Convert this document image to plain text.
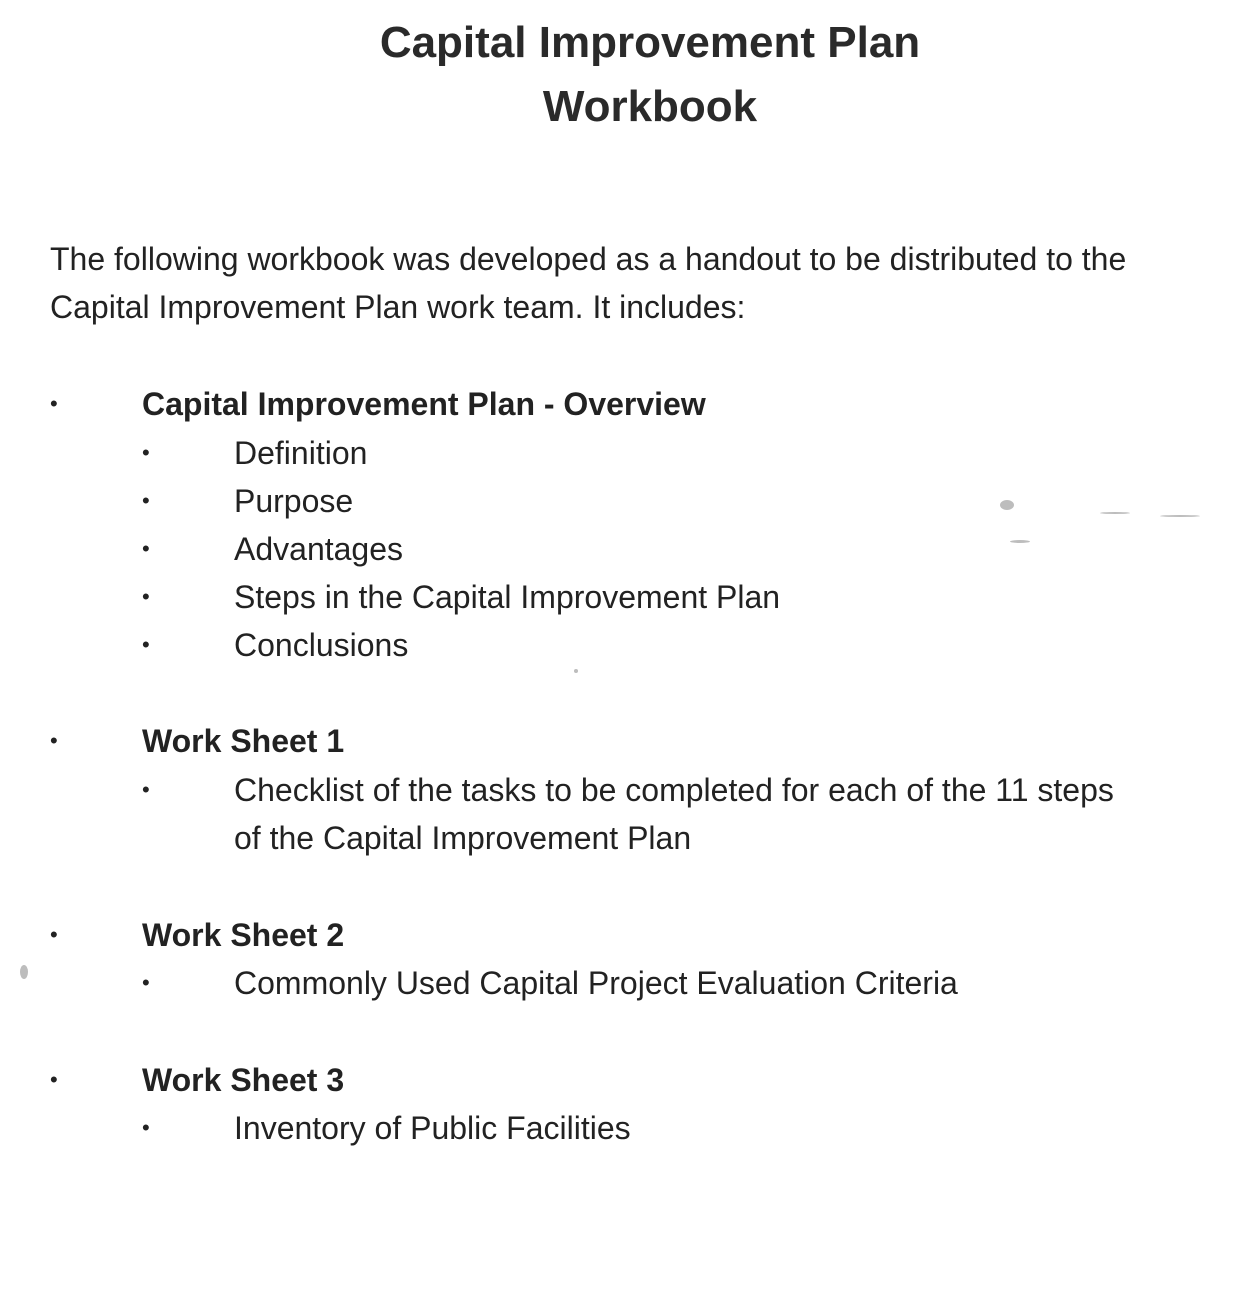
Capital Improvement Plan
Workbook
The following workbook was developed as a handout to be distributed to the
Capital Improvement Plan work team. It includes:
•	Capital Improvement Plan - Overview
•	Definition
•	Purpose
•	Advantages
•	Steps in the Capital Improvement Plan
•	Conclusions
•	Work Sheet 1
•	Checklist of the tasks to be completed for each of the 11 steps
of the Capital Improvement Plan
•	Work Sheet 2
•	Commonly Used Capital Project Evaluation Criteria
•	Work Sheet 3
•	Inventory of Public Facilities
